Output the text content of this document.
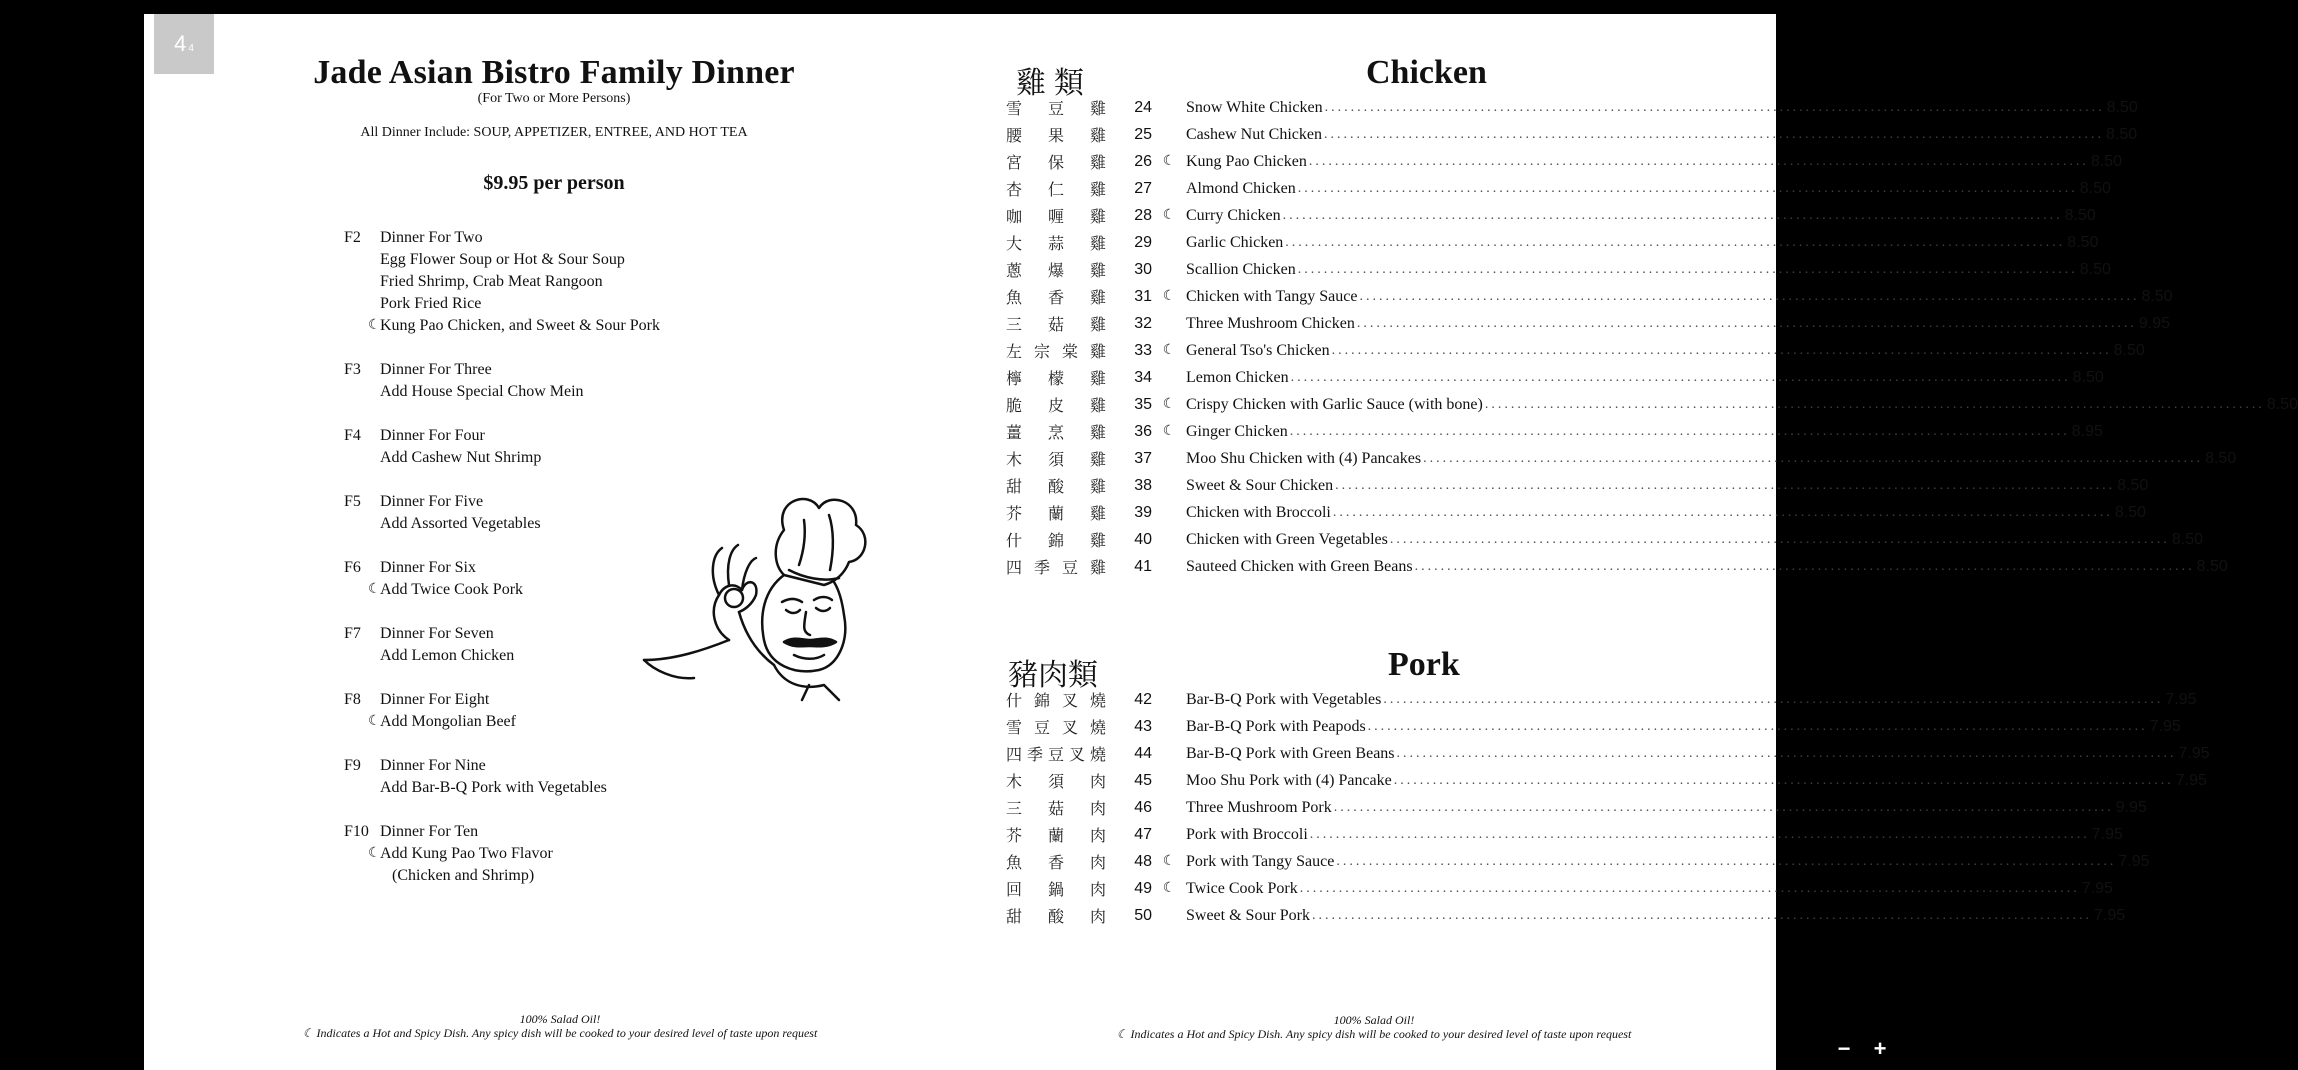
4 4
Jade Asian Bistro Family Dinner
(For Two or More Persons)
All Dinner Include: SOUP, APPETIZER, ENTREE, AND HOT TEA
$9.95 per person
F2	Dinner For Two
Egg Flower Soup or Hot & Sour Soup
Fried Shrimp, Crab Meat Rangoon
Pork Fried Rice
☾ Kung Pao Chicken, and Sweet & Sour Pork
F3	Dinner For Three
Add House Special Chow Mein
F4	Dinner For Four
Add Cashew Nut Shrimp
F5	Dinner For Five
Add Assorted Vegetables
F6	Dinner For Six
☾ Add Twice Cook Pork
F7	Dinner For Seven
Add Lemon Chicken
F8	Dinner For Eight
☾ Add Mongolian Beef
F9	Dinner For Nine
Add Bar-B-Q Pork with Vegetables
F10 Dinner For Ten
☾ Add Kung Pao Two Flavor
(Chicken and Shrimp)
100% Salad Oil!
☾ Indicates a Hot and Spicy Dish. Any spicy dish will be cooked to your desired level of taste upon request
雞類	Chicken
雪 豆 雞	24 Snow White Chicken ........................................................................................................................ 8.50
腰 果 雞	25 Cashew Nut Chicken ........................................................................................................................ 8.50
宮 保 雞	26 ☾ Kung Pao Chicken ........................................................................................................................ 8.50
杏 仁 雞	27 Almond Chicken ........................................................................................................................ 8.50
咖 喱 雞	28 ☾ Curry Chicken ........................................................................................................................ 8.50
大 蒜 雞	29 Garlic Chicken ........................................................................................................................ 8.50
蔥 爆 雞	30 Scallion Chicken ........................................................................................................................ 8.50
魚 香 雞	31 ☾ Chicken with Tangy Sauce ........................................................................................................................ 8.50
三 菇 雞	32 Three Mushroom Chicken ........................................................................................................................ 9.95
左 宗 棠 雞	33 ☾ General Tso's Chicken ........................................................................................................................ 8.50
檸 檬 雞	34 Lemon Chicken ........................................................................................................................ 8.50
脆 皮 雞	35 ☾ Crispy Chicken with Garlic Sauce (with bone) ........................................................................................................................ 8.50
薑 烹 雞	36 ☾ Ginger Chicken ........................................................................................................................ 8.95
木 須 雞	37 Moo Shu Chicken with (4) Pancakes ........................................................................................................................ 8.50
甜 酸 雞	38 Sweet & Sour Chicken ........................................................................................................................ 8.50
芥 蘭 雞	39 Chicken with Broccoli ........................................................................................................................ 8.50
什 錦 雞	40 Chicken with Green Vegetables ........................................................................................................................ 8.50
四 季 豆 雞	41 Sauteed Chicken with Green Beans ........................................................................................................................ 8.50
豬肉類	Pork
什 錦 叉 燒	42 Bar-B-Q Pork with Vegetables ........................................................................................................................ 7.95
雪 豆 叉 燒	43 Bar-B-Q Pork with Peapods ........................................................................................................................ 7.95
四 季 豆 叉 燒	44 Bar-B-Q Pork with Green Beans ........................................................................................................................ 7.95
木 須 肉	45 Moo Shu Pork with (4) Pancake ........................................................................................................................ 7.95
三 菇 肉	46 Three Mushroom Pork ........................................................................................................................ 9.95
芥 蘭 肉	47 Pork with Broccoli ........................................................................................................................ 7.95
魚 香 肉	48 ☾ Pork with Tangy Sauce ........................................................................................................................ 7.95
回 鍋 肉	49 ☾ Twice Cook Pork ........................................................................................................................ 7.95
甜 酸 肉	50 Sweet & Sour Pork ........................................................................................................................ 7.95
100% Salad Oil!
☾ Indicates a Hot and Spicy Dish. Any spicy dish will be cooked to your desired level of taste upon request
− +
